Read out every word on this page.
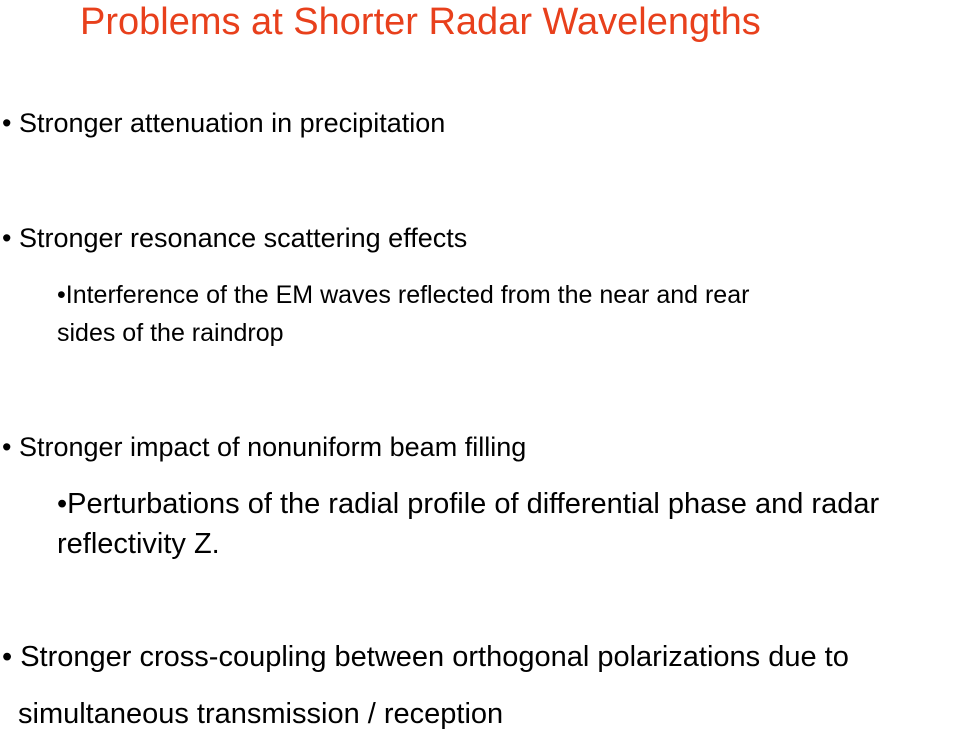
Problems at Shorter Radar Wavelengths
• Stronger attenuation in precipitation
• Stronger resonance scattering effects
•Interference of the EM waves reflected from the near and rear
sides of the raindrop
• Stronger impact of nonuniform beam filling
•Perturbations of the radial profile of differential phase and radar
reflectivity Z.
• Stronger cross-coupling between orthogonal polarizations due to
simultaneous transmission / reception
